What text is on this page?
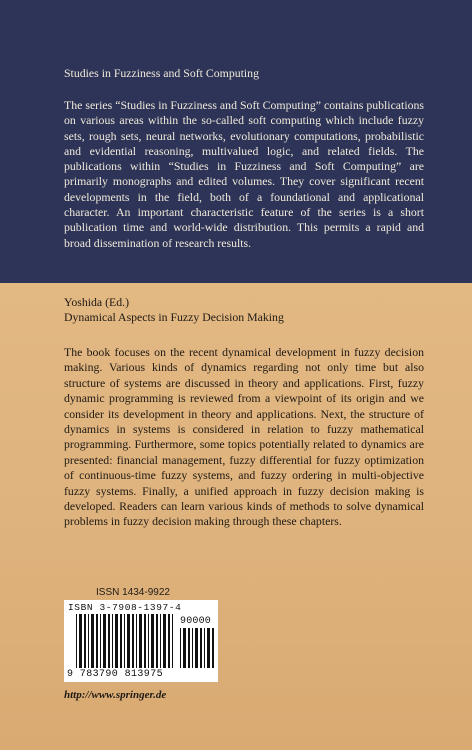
Studies in Fuzziness and Soft Computing

The series “Studies in Fuzziness and Soft Computing” contains publications on various areas within the so-called soft computing which include fuzzy sets, rough sets, neural networks, evolutionary computations, probabilistic and evidential reasoning, multivalued logic, and related fields. The publications within “Studies in Fuzziness and Soft Computing” are primarily monographs and edited volumes. They cover significant recent developments in the field, both of a foundational and applicational character. An important characteristic feature of the series is a short publication time and world-wide distribution. This permits a rapid and broad dissemination of research results.

Yoshida (Ed.)

Dynamical Aspects in Fuzzy Decision Making

The book focuses on the recent dynamical development in fuzzy decision making. Various kinds of dynamics regarding not only time but also structure of systems are discussed in theory and applications. First, fuzzy dynamic programming is reviewed from a viewpoint of its origin and we consider its development in theory and applications. Next, the structure of dynamics in systems is considered in relation to fuzzy mathematical programming. Furthermore, some topics potentially related to dynamics are presented: financial management, fuzzy differential for fuzzy optimization of continuous-time fuzzy systems, and fuzzy ordering in multi-objective fuzzy systems. Finally, a unified approach in fuzzy decision making is developed. Readers can learn various kinds of methods to solve dynamical problems in fuzzy decision making through these chapters.

ISSN 1434-9922

ISBN 3-7908-1397-4
90000
9 783790 813975

http://www.springer.de
